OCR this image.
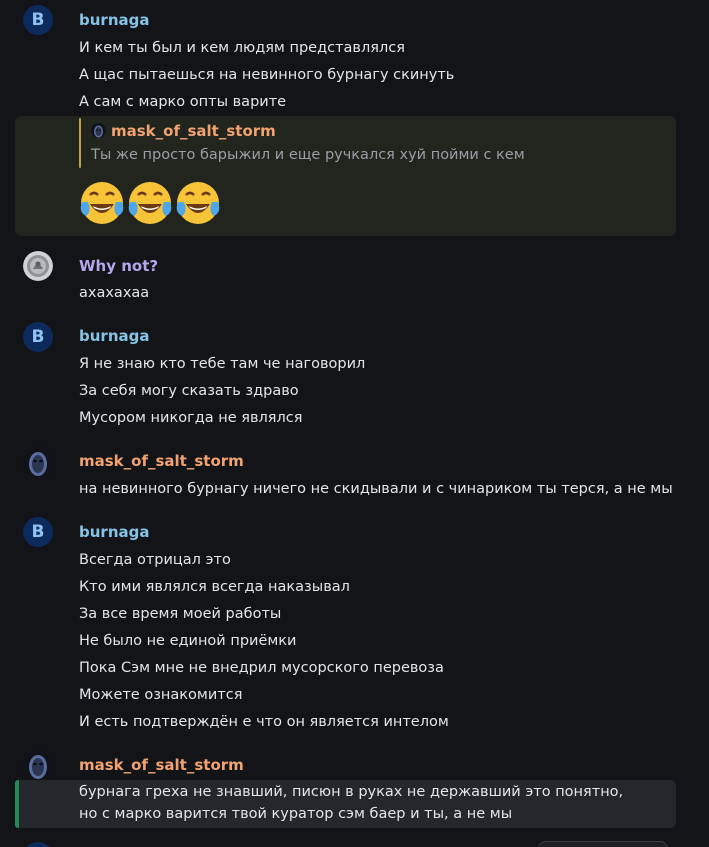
B	burnaga
И кем ты был и кем людям представлялся
А щас пытаешься на невинного бурнагу скинуть
А сам с марко опты варите
mask_of_salt_storm
Ты же просто барыжил и еще ручкался хуй пойми с кем
Why not?
ахахахаа
B	burnaga
Я не знаю кто тебе там че наговорил
За себя могу сказать здраво
Мусором никогда не являлся
mask_of_salt_storm
на невинного бурнагу ничего не скидывали и с чинариком ты терся, а не мы
B	burnaga
Всегда отрицал это
Кто ими являлся всегда наказывал
За все время моей работы
Не было не единой приёмки
Пока Сэм мне не внедрил мусорского перевоза
Можете ознакомится
И есть подтверждён е что он является интелом
mask_of_salt_storm
бурнага греха не знавший, писюн в руках не державший это понятно,
но с марко варится твой куратор сэм баер и ты, а не мы
